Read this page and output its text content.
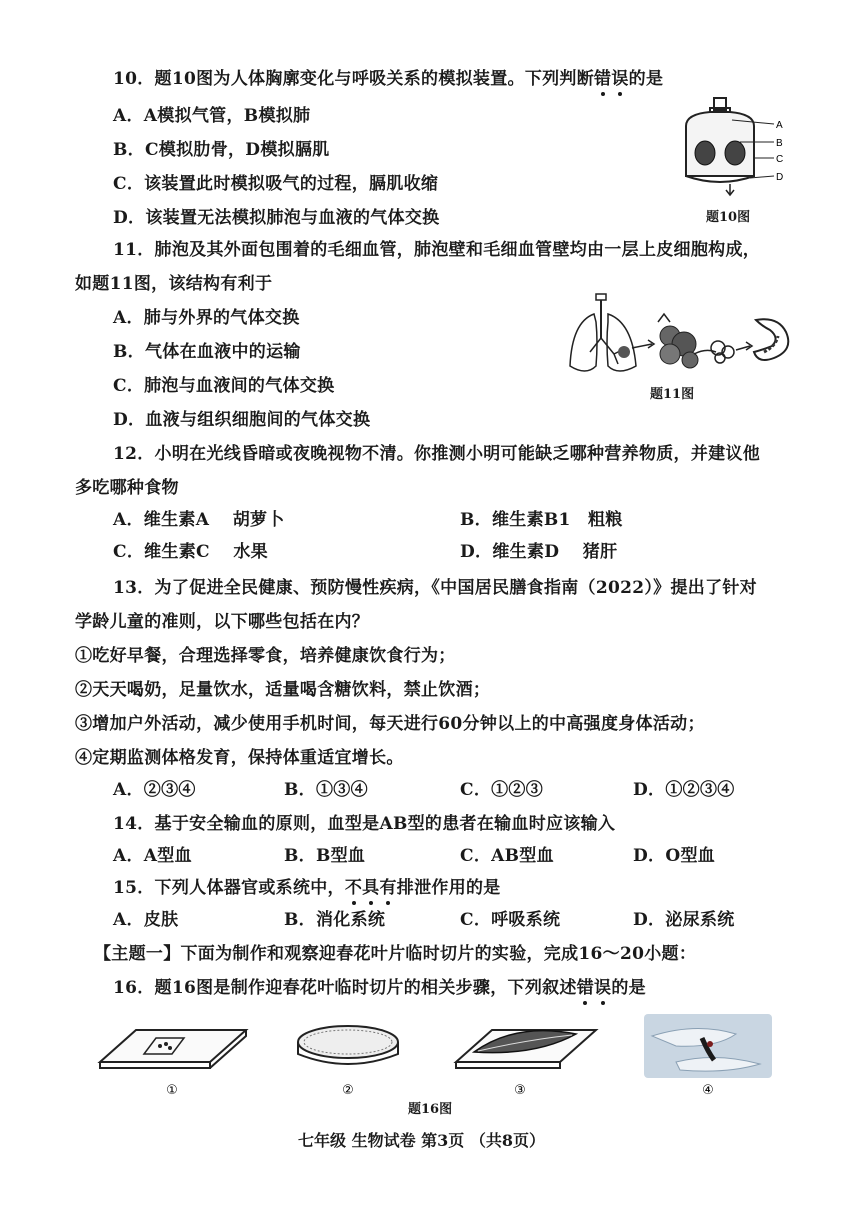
10．题10图为人体胸廓变化与呼吸关系的模拟装置。下列判断错误的是
A．A模拟气管，B模拟肺
B．C模拟肋骨，D模拟膈肌
C．该装置此时模拟吸气的过程，膈肌收缩
D．该装置无法模拟肺泡与血液的气体交换
A
B
C
D
题10图
11．肺泡及其外面包围着的毛细血管，肺泡壁和毛细血管壁均由一层上皮细胞构成，
如题11图，该结构有利于
A．肺与外界的气体交换
B．气体在血液中的运输
C．肺泡与血液间的气体交换
D．血液与组织细胞间的气体交换
题11图
12．小明在光线昏暗或夜晚视物不清。你推测小明可能缺乏哪种营养物质，并建议他
多吃哪种食物
A．维生素A　 胡萝卜	B．维生素B1　粗粮
C．维生素C　 水果	D．维生素D　 猪肝
13．为了促进全民健康、预防慢性疾病，《中国居民膳食指南（2022）》提出了针对
学龄儿童的准则，以下哪些包括在内？
①吃好早餐，合理选择零食，培养健康饮食行为；
②天天喝奶，足量饮水，适量喝含糖饮料，禁止饮酒；
③增加户外活动，减少使用手机时间，每天进行60分钟以上的中高强度身体活动；
④定期监测体格发育，保持体重适宜增长。
A．②③④	B．①③④	C．①②③	D．①②③④
14．基于安全输血的原则，血型是AB型的患者在输血时应该输入
A．A型血	B．B型血	C．AB型血	D．O型血
15．下列人体器官或系统中，不具有排泄作用的是
A．皮肤	B．消化系统	C．呼吸系统	D．泌尿系统
【主题一】下面为制作和观察迎春花叶片临时切片的实验，完成16～20小题：
16．题16图是制作迎春花叶临时切片的相关步骤，下列叙述错误的是
①	②	③	④
题16图
七年级 生物试卷 第3页 （共8页）
